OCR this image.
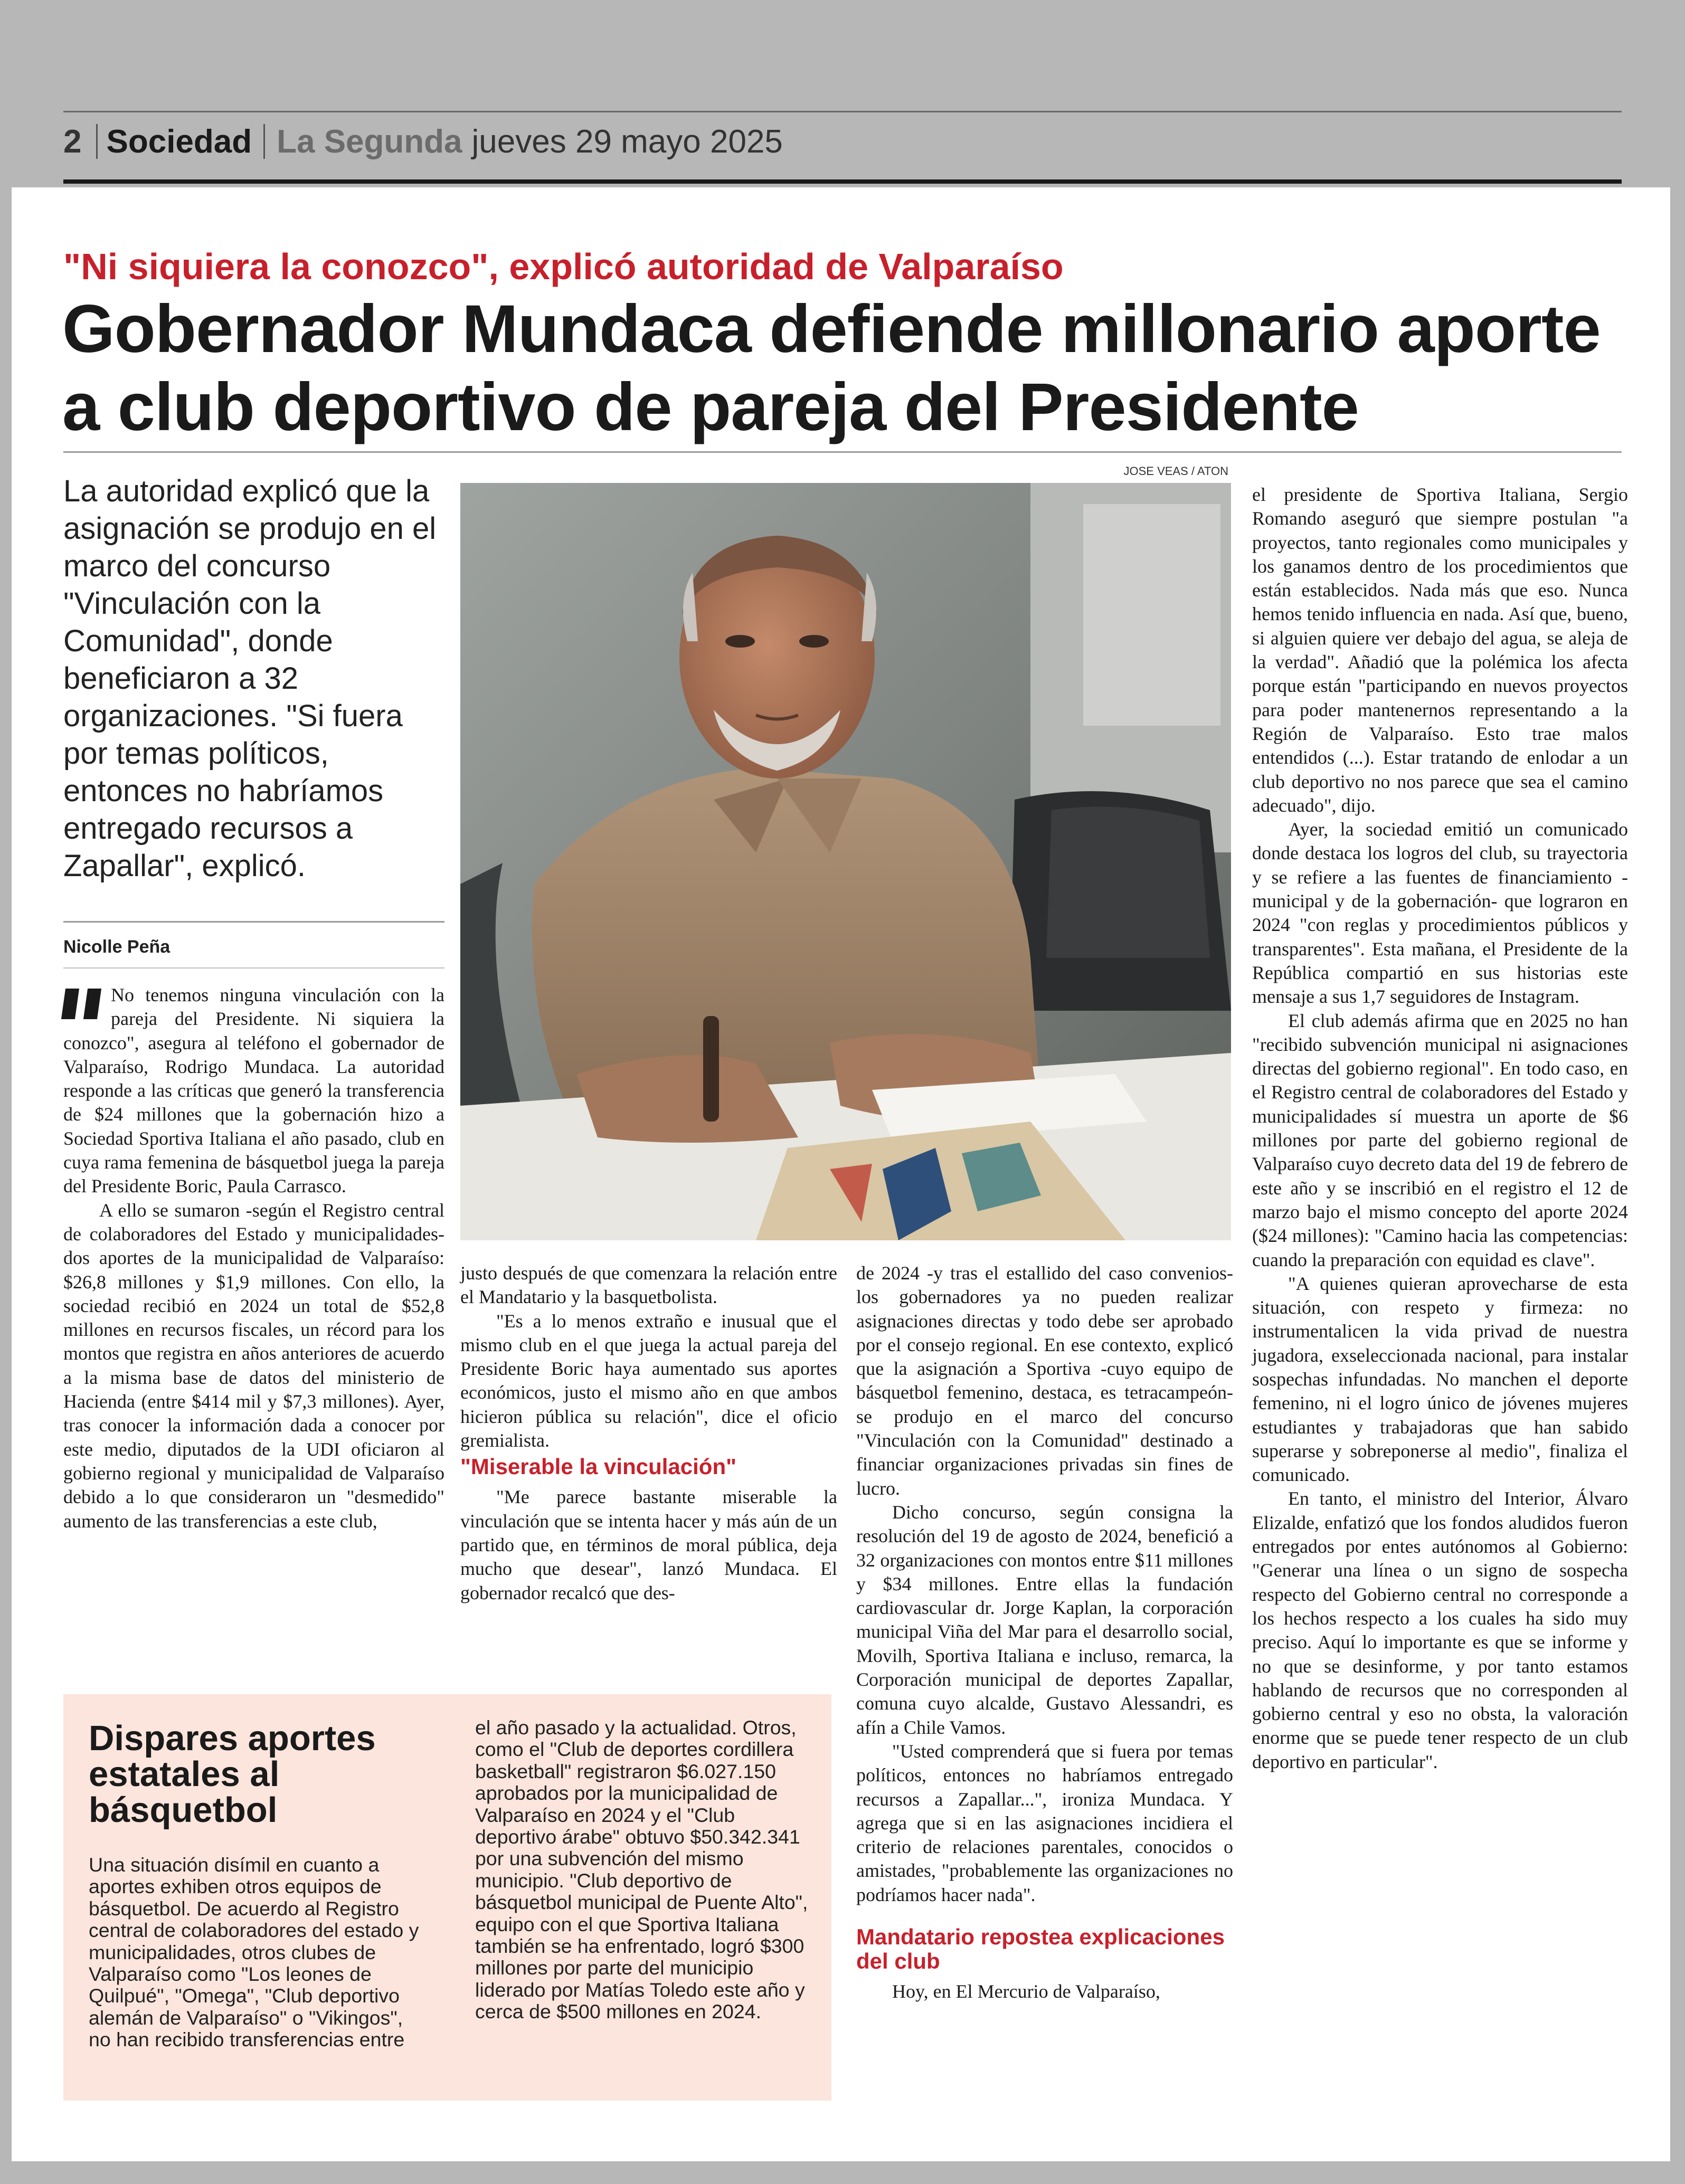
2 Sociedad La Segunda jueves 29 mayo 2025
"Ni siquiera la conozco", explicó autoridad de Valparaíso
Gobernador Mundaca defiende millonario aporte
a club deportivo de pareja del Presidente
La autoridad explicó que la asignación se produjo en el marco del concurso "Vinculación con la Comunidad", donde beneficiaron a 32 organizaciones. "Si fuera por temas políticos, entonces no habríamos entregado recursos a Zapallar", explicó.
Nicolle Peña
JOSE VEAS / ATON

No tenemos ninguna vinculación con la pareja del Presidente. Ni siquiera la conozco", asegura al teléfono el gobernador de Valparaíso, Rodrigo Mundaca. La autoridad responde a las críticas que generó la transferencia de $24 millones que la gobernación hizo a Sociedad Sportiva Italiana el año pasado, club en cuya rama femenina de básquetbol juega la pareja del Presidente Boric, Paula Carrasco.

A ello se sumaron -según el Registro central de colaboradores del Estado y municipalidades- dos aportes de la municipalidad de Valparaíso: $26,8 millones y $1,9 millones. Con ello, la sociedad recibió en 2024 un total de $52,8 millones en recursos fiscales, un récord para los montos que registra en años anteriores de acuerdo a la misma base de datos del ministerio de Hacienda (entre $414 mil y $7,3 millones). Ayer, tras conocer la información dada a conocer por este medio, diputados de la UDI oficiaron al gobierno regional y municipalidad de Valparaíso debido a lo que consideraron un "desmedido" aumento de las transferencias a este club,

justo después de que comenzara la relación entre el Mandatario y la basquetbolista.

"Es a lo menos extraño e inusual que el mismo club en el que juega la actual pareja del Presidente Boric haya aumentado sus aportes económicos, justo el mismo año en que ambos hicieron pública su relación", dice el oficio gremialista.

"Miserable la vinculación"

"Me parece bastante miserable la vinculación que se intenta hacer y más aún de un partido que, en términos de moral pública, deja mucho que desear", lanzó Mundaca. El gobernador recalcó que des-

de 2024 -y tras el estallido del caso convenios- los gobernadores ya no pueden realizar asignaciones directas y todo debe ser aprobado por el consejo regional. En ese contexto, explicó que la asignación a Sportiva -cuyo equipo de básquetbol femenino, destaca, es tetracampeón- se produjo en el marco del concurso "Vinculación con la Comunidad" destinado a financiar organizaciones privadas sin fines de lucro.

Dicho concurso, según consigna la resolución del 19 de agosto de 2024, benefició a 32 organizaciones con montos entre $11 millones y $34 millones. Entre ellas la fundación cardiovascular dr. Jorge Kaplan, la corporación municipal Viña del Mar para el desarrollo social, Movilh, Sportiva Italiana e incluso, remarca, la Corporación municipal de deportes Zapallar, comuna cuyo alcalde, Gustavo Alessandri, es afín a Chile Vamos.

"Usted comprenderá que si fuera por temas políticos, entonces no habríamos entregado recursos a Zapallar...", ironiza Mundaca. Y agrega que si en las asignaciones incidiera el criterio de relaciones parentales, conocidos o amistades, "probablemente las organizaciones no podríamos hacer nada".

Mandatario repostea explicaciones del club

Hoy, en El Mercurio de Valparaíso,

el presidente de Sportiva Italiana, Sergio Romando aseguró que siempre postulan "a proyectos, tanto regionales como municipales y los ganamos dentro de los procedimientos que están establecidos. Nada más que eso. Nunca hemos tenido influencia en nada. Así que, bueno, si alguien quiere ver debajo del agua, se aleja de la verdad". Añadió que la polémica los afecta porque están "participando en nuevos proyectos para poder mantenernos representando a la Región de Valparaíso. Esto trae malos entendidos (...). Estar tratando de enlodar a un club deportivo no nos parece que sea el camino adecuado", dijo.

Ayer, la sociedad emitió un comunicado donde destaca los logros del club, su trayectoria y se refiere a las fuentes de financiamiento -municipal y de la gobernación- que lograron en 2024 "con reglas y procedimientos públicos y transparentes". Esta mañana, el Presidente de la República compartió en sus historias este mensaje a sus 1,7 seguidores de Instagram.

El club además afirma que en 2025 no han "recibido subvención municipal ni asignaciones directas del gobierno regional". En todo caso, en el Registro central de colaboradores del Estado y municipalidades sí muestra un aporte de $6 millones por parte del gobierno regional de Valparaíso cuyo decreto data del 19 de febrero de este año y se inscribió en el registro el 12 de marzo bajo el mismo concepto del aporte 2024 ($24 millones): "Camino hacia las competencias: cuando la preparación con equidad es clave".

"A quienes quieran aprovecharse de esta situación, con respeto y firmeza: no instrumentalicen la vida privad de nuestra jugadora, exseleccionada nacional, para instalar sospechas infundadas. No manchen el deporte femenino, ni el logro único de jóvenes mujeres estudiantes y trabajadoras que han sabido superarse y sobreponerse al medio", finaliza el comunicado.

En tanto, el ministro del Interior, Álvaro Elizalde, enfatizó que los fondos aludidos fueron entregados por entes autónomos al Gobierno: "Generar una línea o un signo de sospecha respecto del Gobierno central no corresponde a los hechos respecto a los cuales ha sido muy preciso. Aquí lo importante es que se informe y no que se desinforme, y por tanto estamos hablando de recursos que no corresponden al gobierno central y eso no obsta, la valoración enorme que se puede tener respecto de un club deportivo en particular".

Dispares aportes estatales al básquetbol
Una situación disímil en cuanto a aportes exhiben otros equipos de básquetbol. De acuerdo al Registro central de colaboradores del estado y municipalidades, otros clubes de Valparaíso como "Los leones de Quilpué", "Omega", "Club deportivo alemán de Valparaíso" o "Vikingos", no han recibido transferencias entre
el año pasado y la actualidad. Otros, como el "Club de deportes cordillera basketball" registraron $6.027.150 aprobados por la municipalidad de Valparaíso en 2024 y el "Club deportivo árabe" obtuvo $50.342.341 por una subvención del mismo municipio. "Club deportivo de básquetbol municipal de Puente Alto", equipo con el que Sportiva Italiana también se ha enfrentado, logró $300 millones por parte del municipio liderado por Matías Toledo este año y cerca de $500 millones en 2024.
